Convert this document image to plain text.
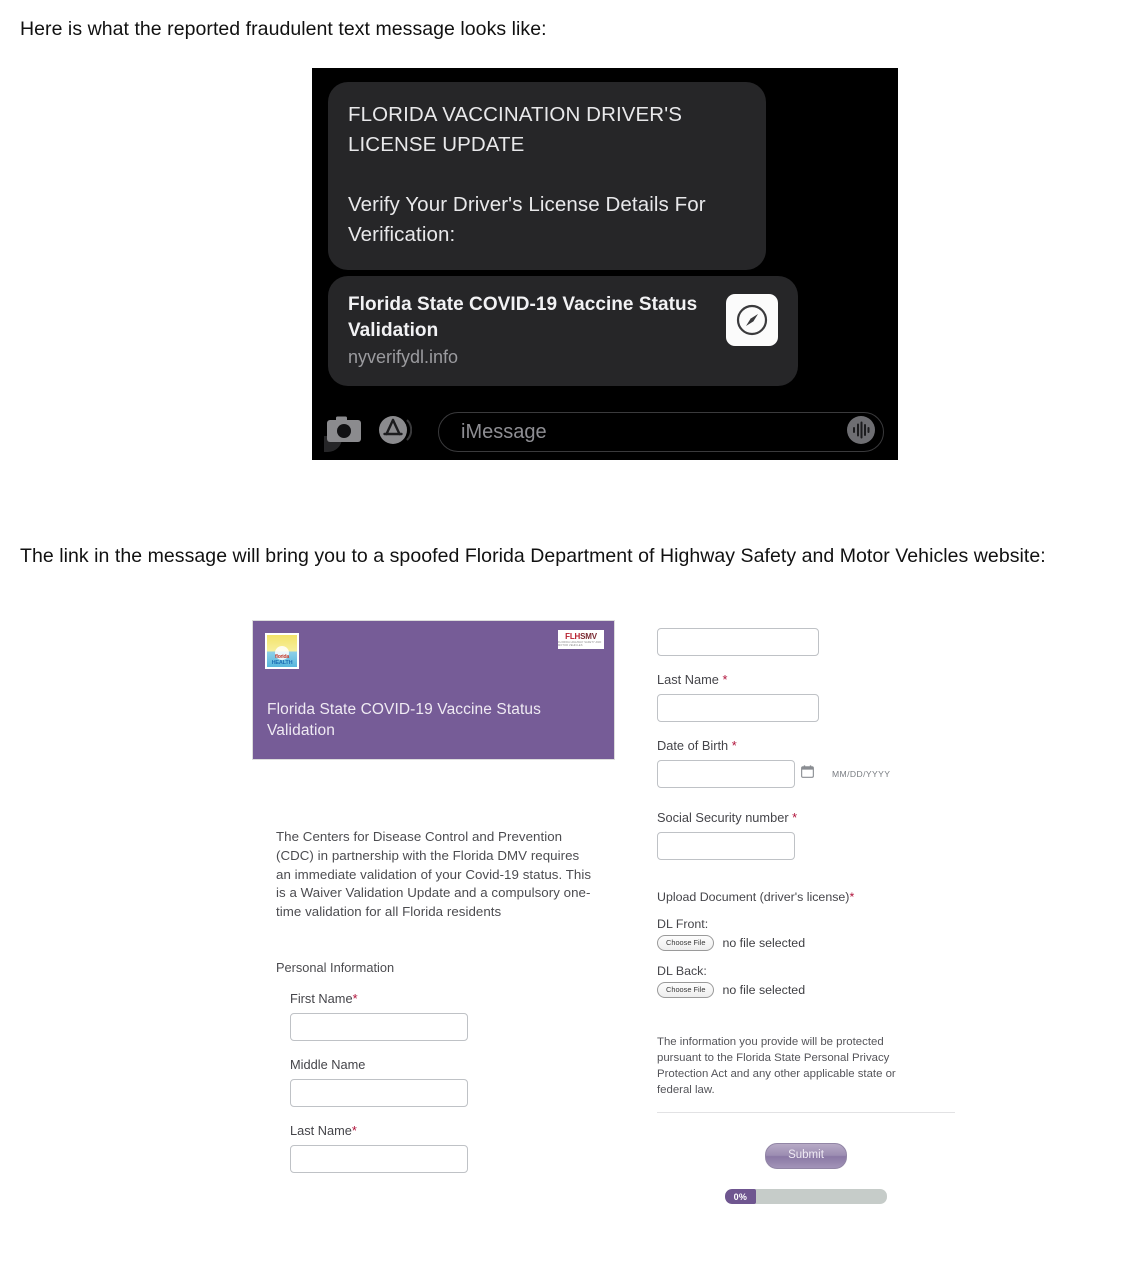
Here is what the reported fraudulent text message looks like:

FLORIDA VACCINATION DRIVER'S LICENSE UPDATE

Verify Your Driver's License Details For Verification:

Florida State COVID-19 Vaccine Status Validation
nyverifydl.info
iMessage
The link in the message will bring you to a spoofed Florida Department of Highway Safety and Motor Vehicles website:
florida
HEALTH
FLHSMV
FLORIDA HIGHWAY SAFETY AND MOTOR VEHICLES
Florida State COVID-19 Vaccine Status Validation
The Centers for Disease Control and Prevention (CDC) in partnership with the Florida DMV requires an immediate validation of your Covid-19 status. This is a Waiver Validation Update and a compulsory one-time validation for all Florida residents
Personal Information
First Name*
Middle Name
Last Name*
Last Name *
Date of Birth *
MM/DD/YYYY
Social Security number *
Upload Document (driver's license)*
DL Front:
Choose File	no file selected
DL Back:
Choose File	no file selected
The information you provide will be protected pursuant to the Florida State Personal Privacy Protection Act and any other applicable state or federal law.
Submit
0%
